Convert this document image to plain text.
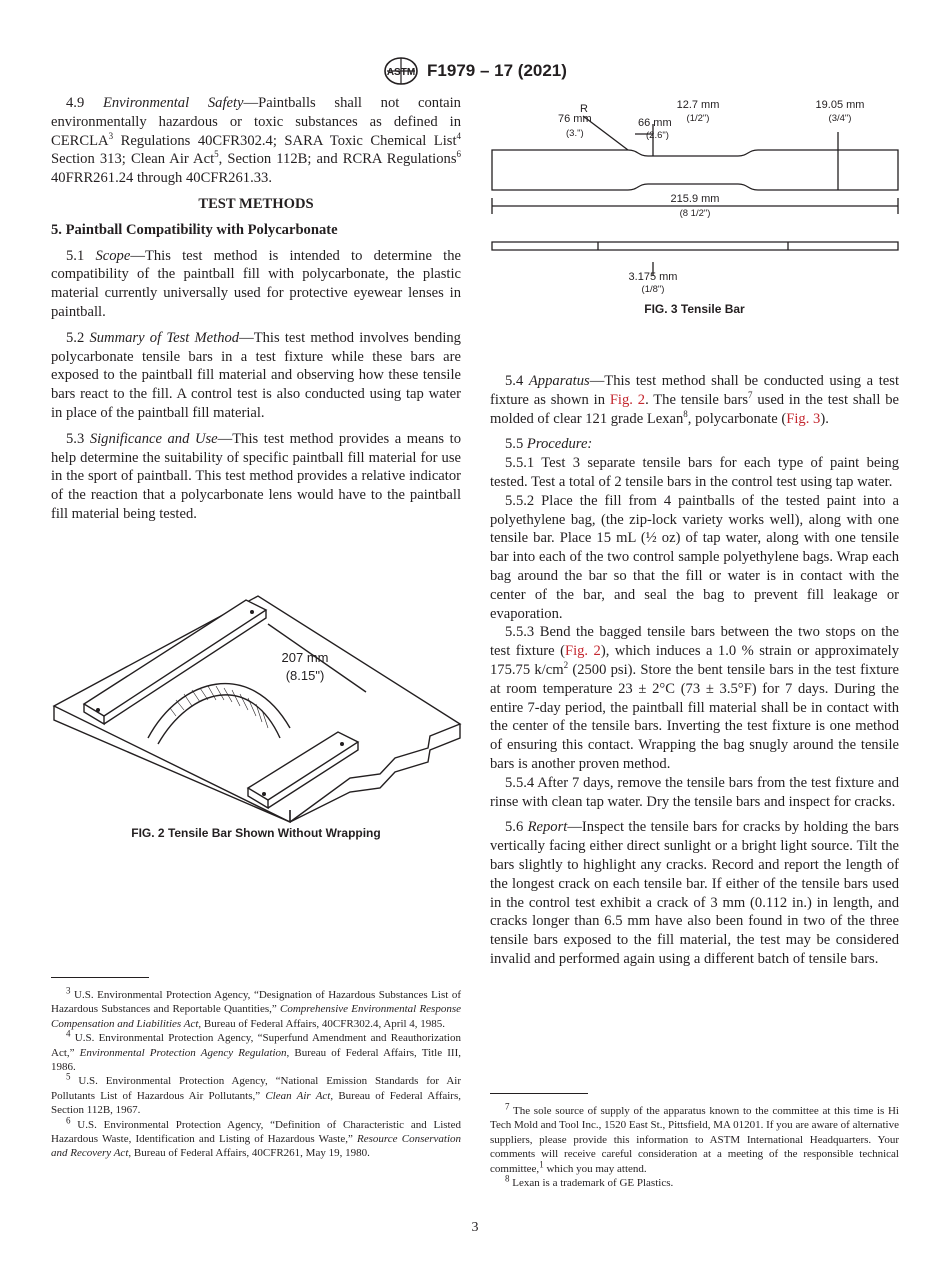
ASTM F1979 – 17 (2021)

4.9 Environmental Safety—Paintballs shall not contain environmentally hazardous or toxic substances as defined in CERCLA$^3$ Regulations 40CFR302.4; SARA Toxic Chemical List$^4$ Section 313; Clean Air Act$^5$, Section 112B; and RCRA Regulations$^6$ 40FRR261.24 through 40CFR261.33.

TEST METHODS

5. Paintball Compatibility with Polycarbonate

5.1 Scope—This test method is intended to determine the compatibility of the paintball fill with polycarbonate, the plastic material currently universally used for protective eyewear lenses in paintball.

5.2 Summary of Test Method—This test method involves bending polycarbonate tensile bars in a test fixture while these bars are exposed to the paintball fill material and observing how these tensile bars react to the fill. A control test is also conducted using tap water in place of the paintball fill material.

5.3 Significance and Use—This test method provides a means to help determine the suitability of specific paintball fill material for use in the sport of paintball. This test method provides a relative indicator of the reaction that a polycarbonate lens would have to the paintball fill material being tested.

207 mm
(8.15")
FIG. 2 Tensile Bar Shown Without Wrapping
76 mm
(3.")
R	12.7 mm
(1/2")
66 mm
(2.6")
19.05 mm
(3/4")
215.9 mm
(8 1/2")
3.175 mm
(1/8")
FIG. 3 Tensile Bar

5.4 Apparatus—This test method shall be conducted using a test fixture as shown in Fig. 2. The tensile bars$^7$ used in the test shall be molded of clear 121 grade Lexan$^8$, polycarbonate (Fig. 3).

5.5 Procedure:

5.5.1 Test 3 separate tensile bars for each type of paint being tested. Test a total of 2 tensile bars in the control test using tap water.

5.5.2 Place the fill from 4 paintballs of the tested paint into a polyethylene bag, (the zip-lock variety works well), along with one tensile bar. Place 15 mL (½ oz) of tap water, along with one tensile bar into each of the two control sample polyethylene bags. Wrap each bag around the bar so that the fill or water is in contact with the center of the bar, and seal the bag to prevent fill leakage or evaporation.

5.5.3 Bend the bagged tensile bars between the two stops on the test fixture (Fig. 2), which induces a 1.0 % strain or approximately 175.75 $k/cm^2$ (2500 psi). Store the bent tensile bars in the test fixture at room temperature 23 ± 2°C (73 ± 3.5°F) for 7 days. During the entire 7-day period, the paintball fill material shall be in contact with the center of the tensile bars. Inverting the test fixture is one method of ensuring this contact. Wrapping the bag snugly around the tensile bars is another proven method.

5.5.4 After 7 days, remove the tensile bars from the test fixture and rinse with clean tap water. Dry the tensile bars and inspect for cracks.

5.6 Report—Inspect the tensile bars for cracks by holding the bars vertically facing either direct sunlight or a bright light source. Tilt the bars slightly to highlight any cracks. Record and report the length of the longest crack on each tensile bar. If either of the tensile bars used in the control test exhibit a crack of 3 mm (0.112 in.) in length, and cracks longer than 6.5 mm have also been found in two of the three tensile bars exposed to the fill material, the test may be considered invalid and performed again using a different batch of tensile bars.

$^3$ U.S. Environmental Protection Agency, “Designation of Hazardous Substances List of Hazardous Substances and Reportable Quantities,” Comprehensive Environmental Response Compensation and Liabilities Act, Bureau of Federal Affairs, 40CFR302.4, April 4, 1985.

$^4$ U.S. Environmental Protection Agency, “Superfund Amendment and Reauthorization Act,” Environmental Protection Agency Regulation, Bureau of Federal Affairs, Title III, 1986.

$^5$ U.S. Environmental Protection Agency, “National Emission Standards for Air Pollutants List of Hazardous Air Pollutants,” Clean Air Act, Bureau of Federal Affairs, Section 112B, 1967.

$^6$ U.S. Environmental Protection Agency, “Definition of Characteristic and Listed Hazardous Waste, Identification and Listing of Hazardous Waste,” Resource Conservation and Recovery Act, Bureau of Federal Affairs, 40CFR261, May 19, 1980.

$^7$ The sole source of supply of the apparatus known to the committee at this time is Hi Tech Mold and Tool Inc., 1520 East St., Pittsfield, MA 01201. If you are aware of alternative suppliers, please provide this information to ASTM International Headquarters. Your comments will receive careful consideration at a meeting of the responsible technical committee,$^1$ which you may attend.

$^8$ Lexan is a trademark of GE Plastics.

3
